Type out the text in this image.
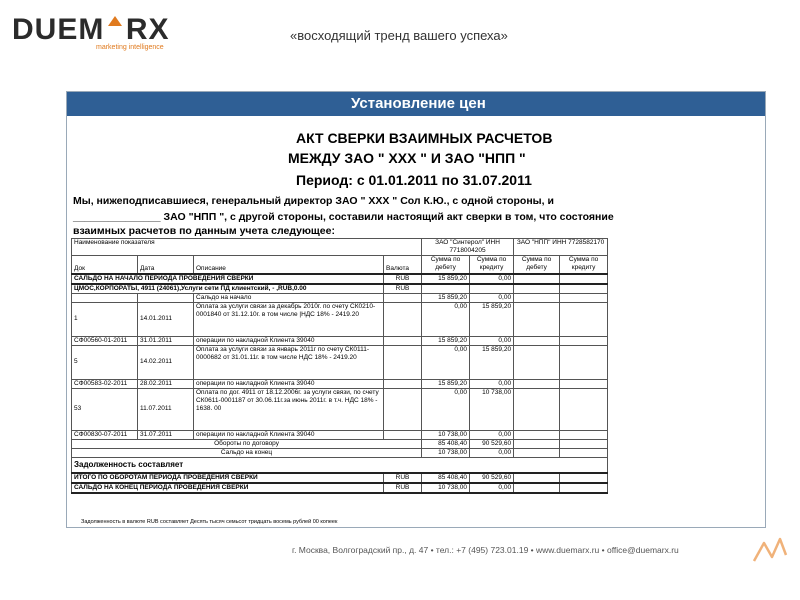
DUEM  RX
marketing intelligence
«восходящий тренд вашего успеха»
Установление цен
АКТ СВЕРКИ ВЗАИМНЫХ РАСЧЕТОВ
МЕЖДУ ЗАО " XXX " И ЗАО "НПП "
Период: с 01.01.2011 по 31.07.2011
Мы, нижеподписавшиеся, генеральный директор ЗАО " XXX " Сол К.Ю., с одной стороны, и
_______________ ЗАО "НПП ", с другой стороны, составили настоящий акт сверки в том, что состояние
взаимных расчетов по данным учета следующее:
Наименование показателя				ЗАО "Синтерол" ИНН 7718004205		ЗАО "НПП" ИНН 7728582170	
Док	Дата	Описание	Валюта	Сумма по дебету	Сумма по кредиту	Сумма по дебету	Сумма по кредиту
САЛЬДО НА НАЧАЛО ПЕРИОДА ПРОВЕДЕНИЯ СВЕРКИ			RUB	15 859,20	0,00		
ЦМОС,КОРПОРАТЫ, 4911 (24061),Услуги сети ПД клиентский, - ,RUB,0.00			RUB				
		Сальдо на начало		15 859,20	0,00		
1	14.01.2011	Оплата за услуги связи за декабрь 2010г. по счету СК0210-0001840 от 31.12.10г. в том числе |НДС 18% - 2419.20		0,00	15 859,20		
СФ00560-01-2011	31.01.2011	операции по накладной Клиента 39040		15 859,20	0,00		
5	14.02.2011	Оплата за услуги связи за январь 2011г по счету СК0111-0000682 от 31.01.11г. в том числе НДС 18% - 2419.20		0,00	15 859,20		
СФ00583-02-2011	28.02.2011	операции по накладной Клиента 39040		15 859,20	0,00		
53	11.07.2011	Оплата по дог. 4911 от 18.12.2006г. за услуги связи, по счету СК0611-0001187 от 30.06.11г.за июнь 2011г. в т.ч. НДС 18% - 1638. 00		0,00	10 738,00		
СФ00830-07-2011	31.07.2011	операции по накладной Клиента 39040		10 738,00	0,00		
Обороты по договору				85 408,40	90 529,60		
Сальдо на конец				10 738,00	0,00		
Задолженность составляет							
ИТОГО ПО ОБОРОТАМ ПЕРИОДА ПРОВЕДЕНИЯ СВЕРКИ			RUB	85 408,40	90 529,60		
САЛЬДО НА КОНЕЦ ПЕРИОДА ПРОВЕДЕНИЯ СВЕРКИ			RUB	10 738,00	0,00		
Задолженность в валюте RUB составляет Десять тысяч семьсот тридцать восемь рублей 00 копеек
г. Москва, Волгоградский пр., д. 47 • тел.: +7 (495) 723.01.19 • www.duemarx.ru • office@duemarx.ru
